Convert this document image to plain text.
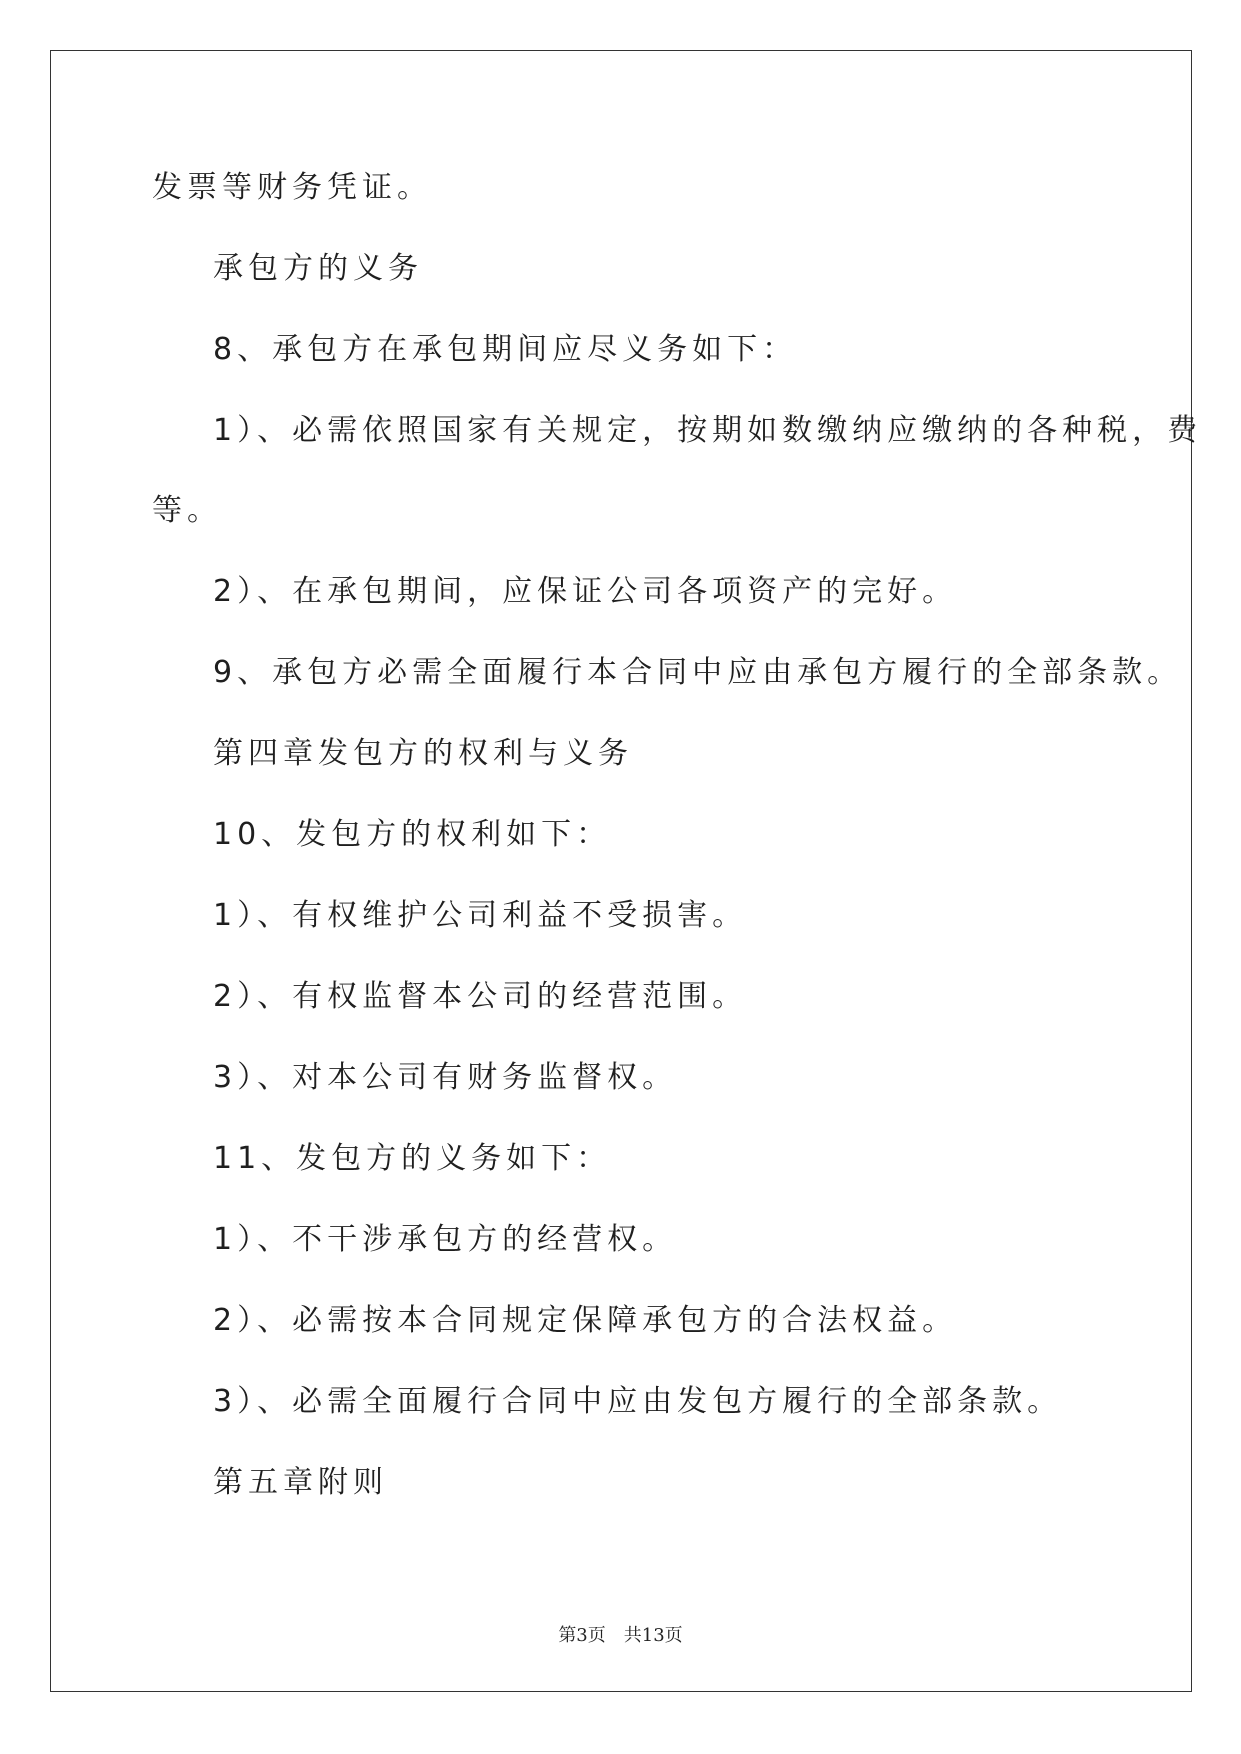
发票等财务凭证。
承包方的义务
8、承包方在承包期间应尽义务如下：
1）、必需依照国家有关规定，按期如数缴纳应缴纳的各种税，费
等。
2）、在承包期间，应保证公司各项资产的完好。
9、承包方必需全面履行本合同中应由承包方履行的全部条款。
第四章发包方的权利与义务
10、发包方的权利如下：
1）、有权维护公司利益不受损害。
2）、有权监督本公司的经营范围。
3）、对本公司有财务监督权。
11、发包方的义务如下：
1）、不干涉承包方的经营权。
2）、必需按本合同规定保障承包方的合法权益。
3）、必需全面履行合同中应由发包方履行的全部条款。
第五章附则
第3页　共13页
